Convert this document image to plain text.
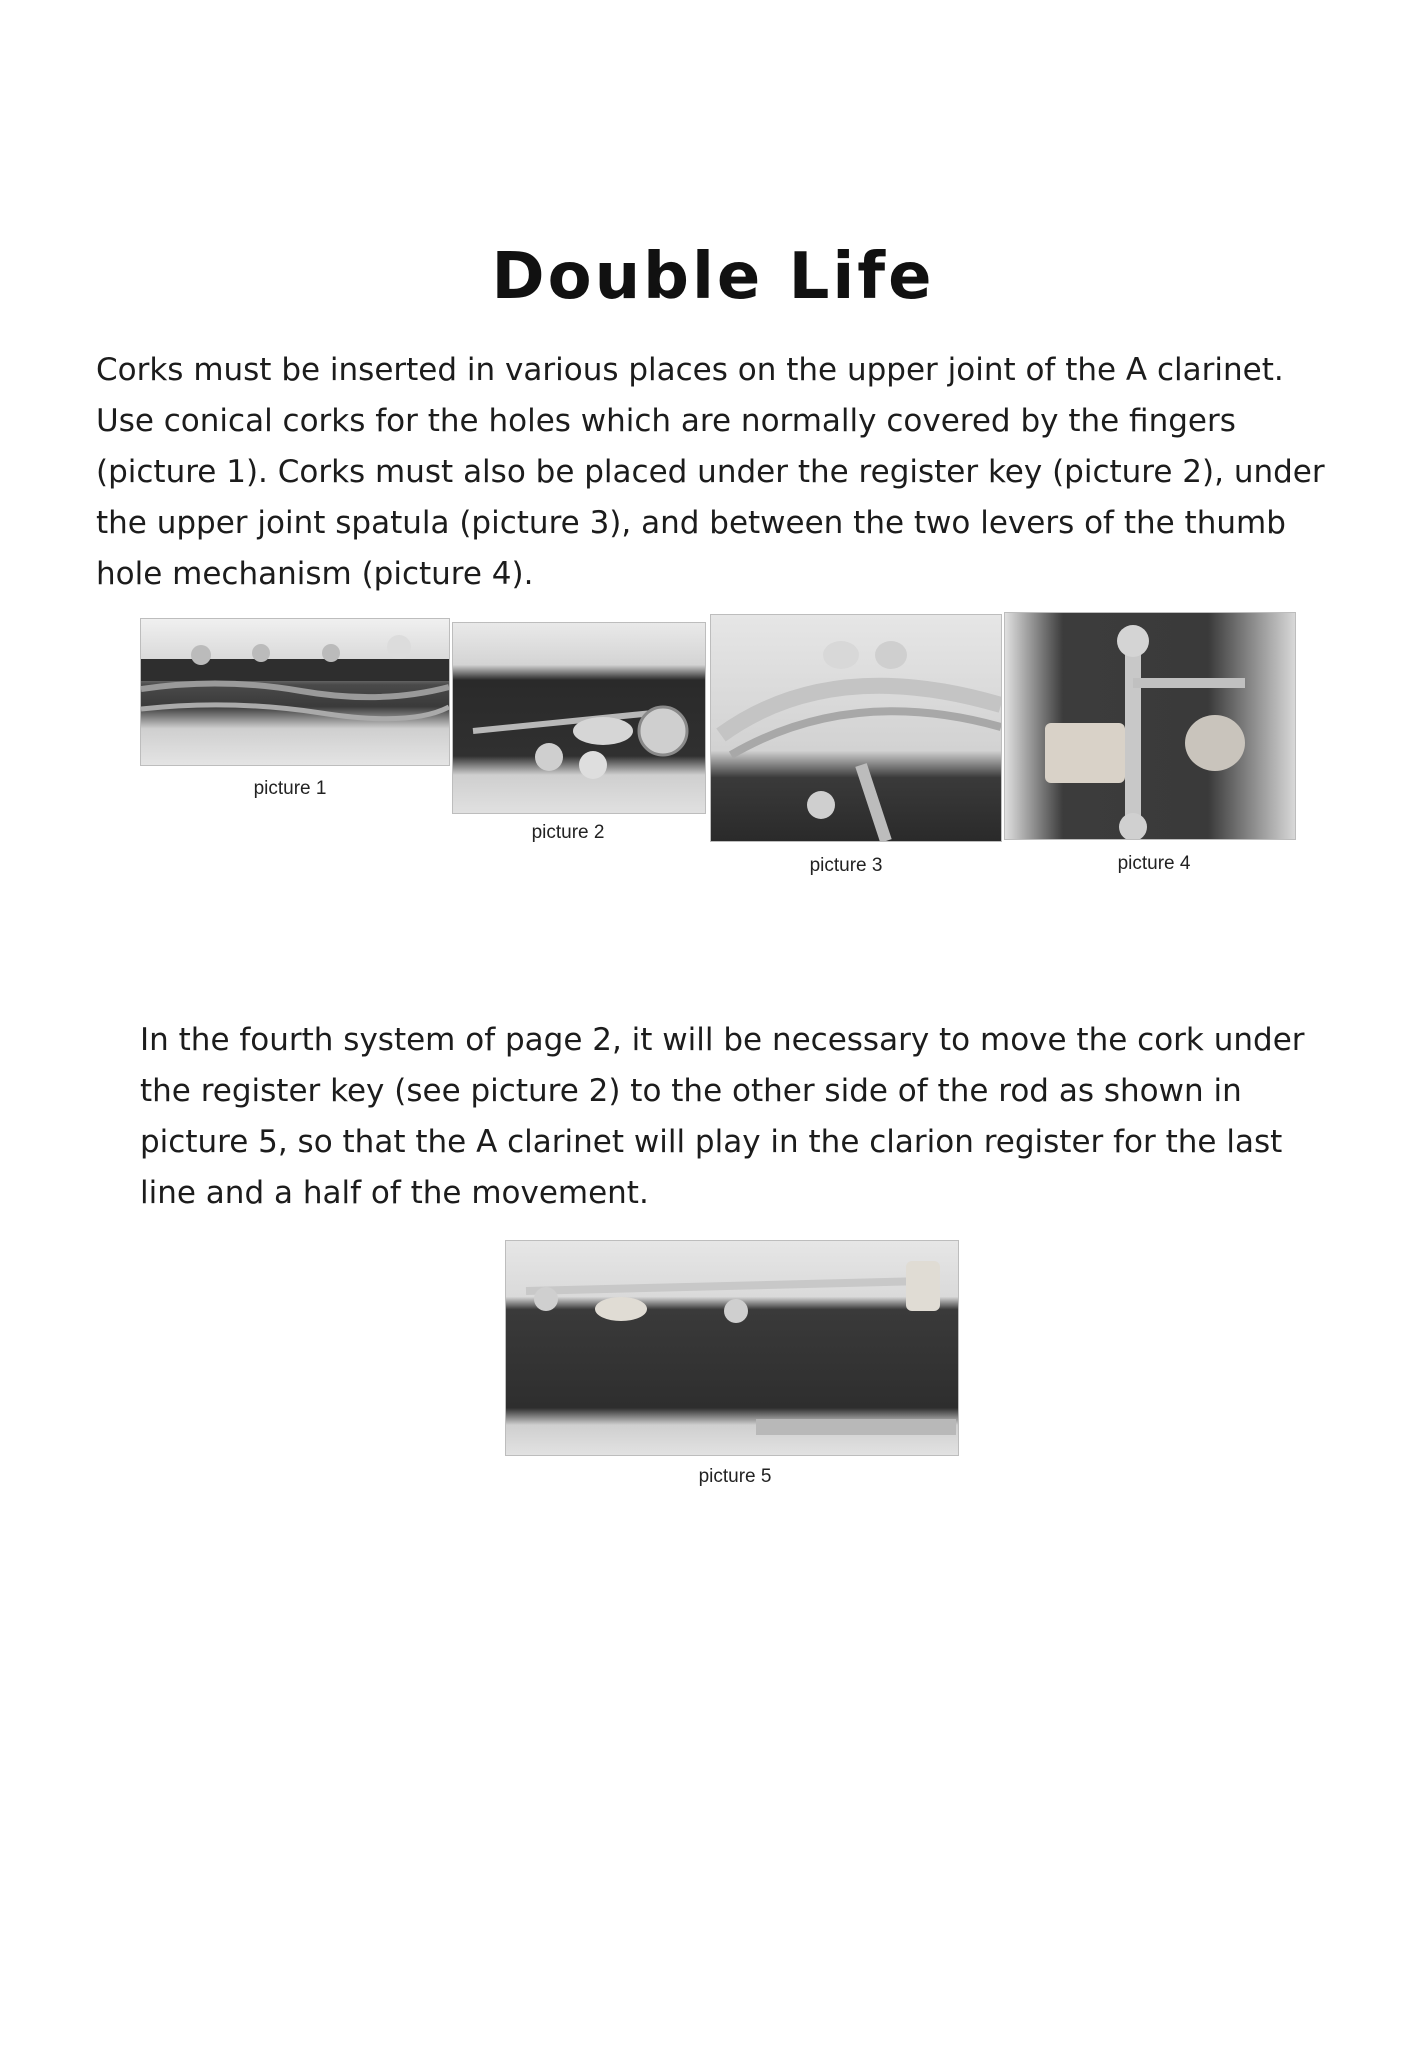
Double Life

Corks must be inserted in various places on the upper joint of the A clarinet. Use conical corks for the holes which are normally covered by the fingers (picture 1). Corks must also be placed under the register key (picture 2), under the upper joint spatula (picture 3), and between the two levers of the thumb hole mechanism (picture 4).

picture 1
picture 2
picture 3	picture 4

In the fourth system of page 2, it will be necessary to move the cork under the register key (see picture 2) to the other side of the rod as shown in picture 5, so that the A clarinet will play in the clarion register for the last line and a half of the movement.

picture 5
